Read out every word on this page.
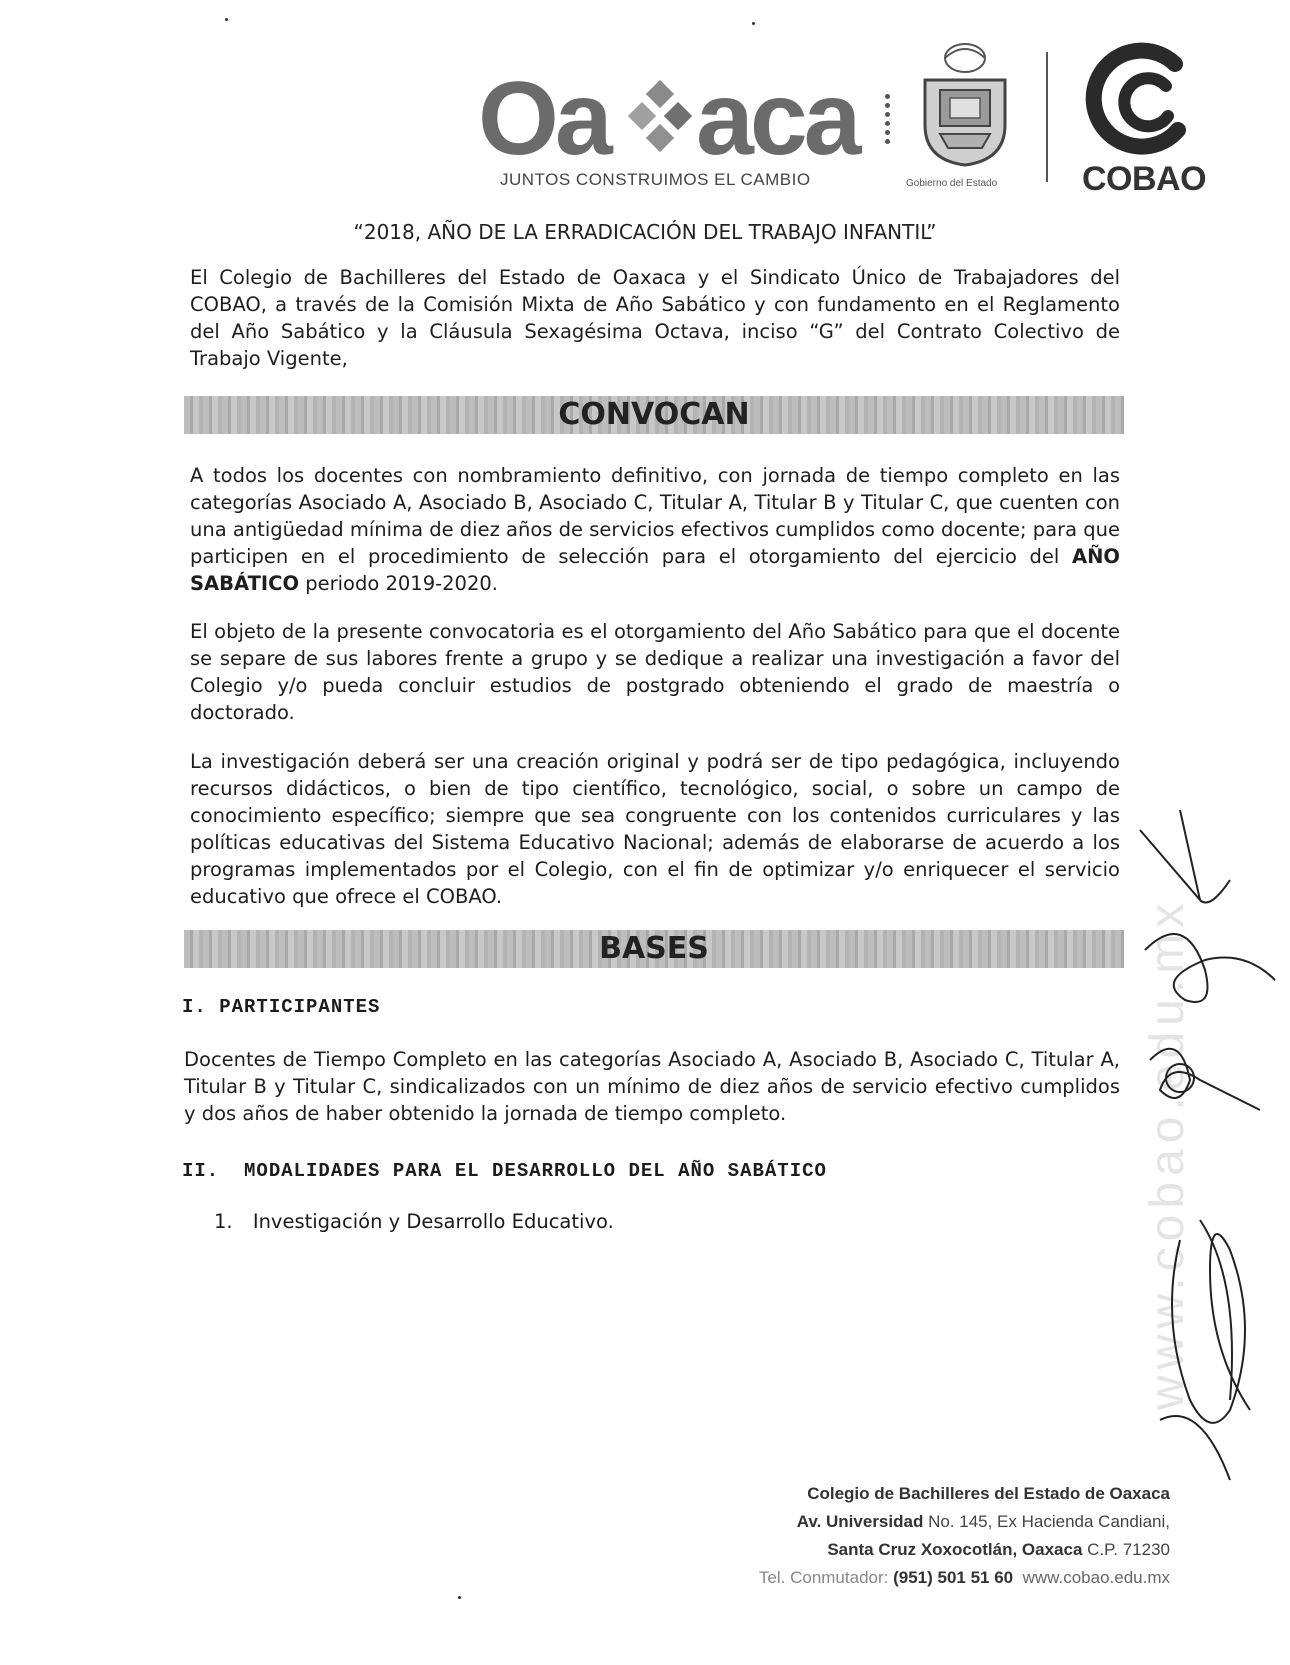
Oa aca
JUNTOS CONSTRUIMOS EL CAMBIO	Gobierno del Estado COBAO
“2018, AÑO DE LA ERRADICACIÓN DEL TRABAJO INFANTIL”
El Colegio de Bachilleres del Estado de Oaxaca y el Sindicato Único de Trabajadores del COBAO, a través de la Comisión Mixta de Año Sabático y con fundamento en el Reglamento del Año Sabático y la Cláusula Sexagésima Octava, inciso “G” del Contrato Colectivo de Trabajo Vigente,
CONVOCAN
A todos los docentes con nombramiento definitivo, con jornada de tiempo completo en las categorías Asociado A, Asociado B, Asociado C, Titular A, Titular B y Titular C, que cuenten con una antigüedad mínima de diez años de servicios efectivos cumplidos como docente; para que participen en el procedimiento de selección para el otorgamiento del ejercicio del AÑO SABÁTICO periodo 2019-2020.
El objeto de la presente convocatoria es el otorgamiento del Año Sabático para que el docente se separe de sus labores frente a grupo y se dedique a realizar una investigación a favor del Colegio y/o pueda concluir estudios de postgrado obteniendo el grado de maestría o doctorado.
La investigación deberá ser una creación original y podrá ser de tipo pedagógica, incluyendo recursos didácticos, o bien de tipo científico, tecnológico, social, o sobre un campo de conocimiento específico; siempre que sea congruente con los contenidos curriculares y las políticas educativas del Sistema Educativo Nacional; además de elaborarse de acuerdo a los programas implementados por el Colegio, con el fin de optimizar y/o enriquecer el servicio educativo que ofrece el COBAO.
BASES
I. PARTICIPANTES
Docentes de Tiempo Completo en las categorías Asociado A, Asociado B, Asociado C, Titular A, Titular B y Titular C, sindicalizados con un mínimo de diez años de servicio efectivo cumplidos y dos años de haber obtenido la jornada de tiempo completo.
II.  MODALIDADES PARA EL DESARROLLO DEL AÑO SABÁTICO
1. Investigación y Desarrollo Educativo.
Colegio de Bachilleres del Estado de Oaxaca
Av. Universidad No. 145, Ex Hacienda Candiani,
Santa Cruz Xoxocotlán, Oaxaca C.P. 71230
Tel. Conmutador: (951) 501 51 60  www.cobao.edu.mx
www.cobao.edu.mx
